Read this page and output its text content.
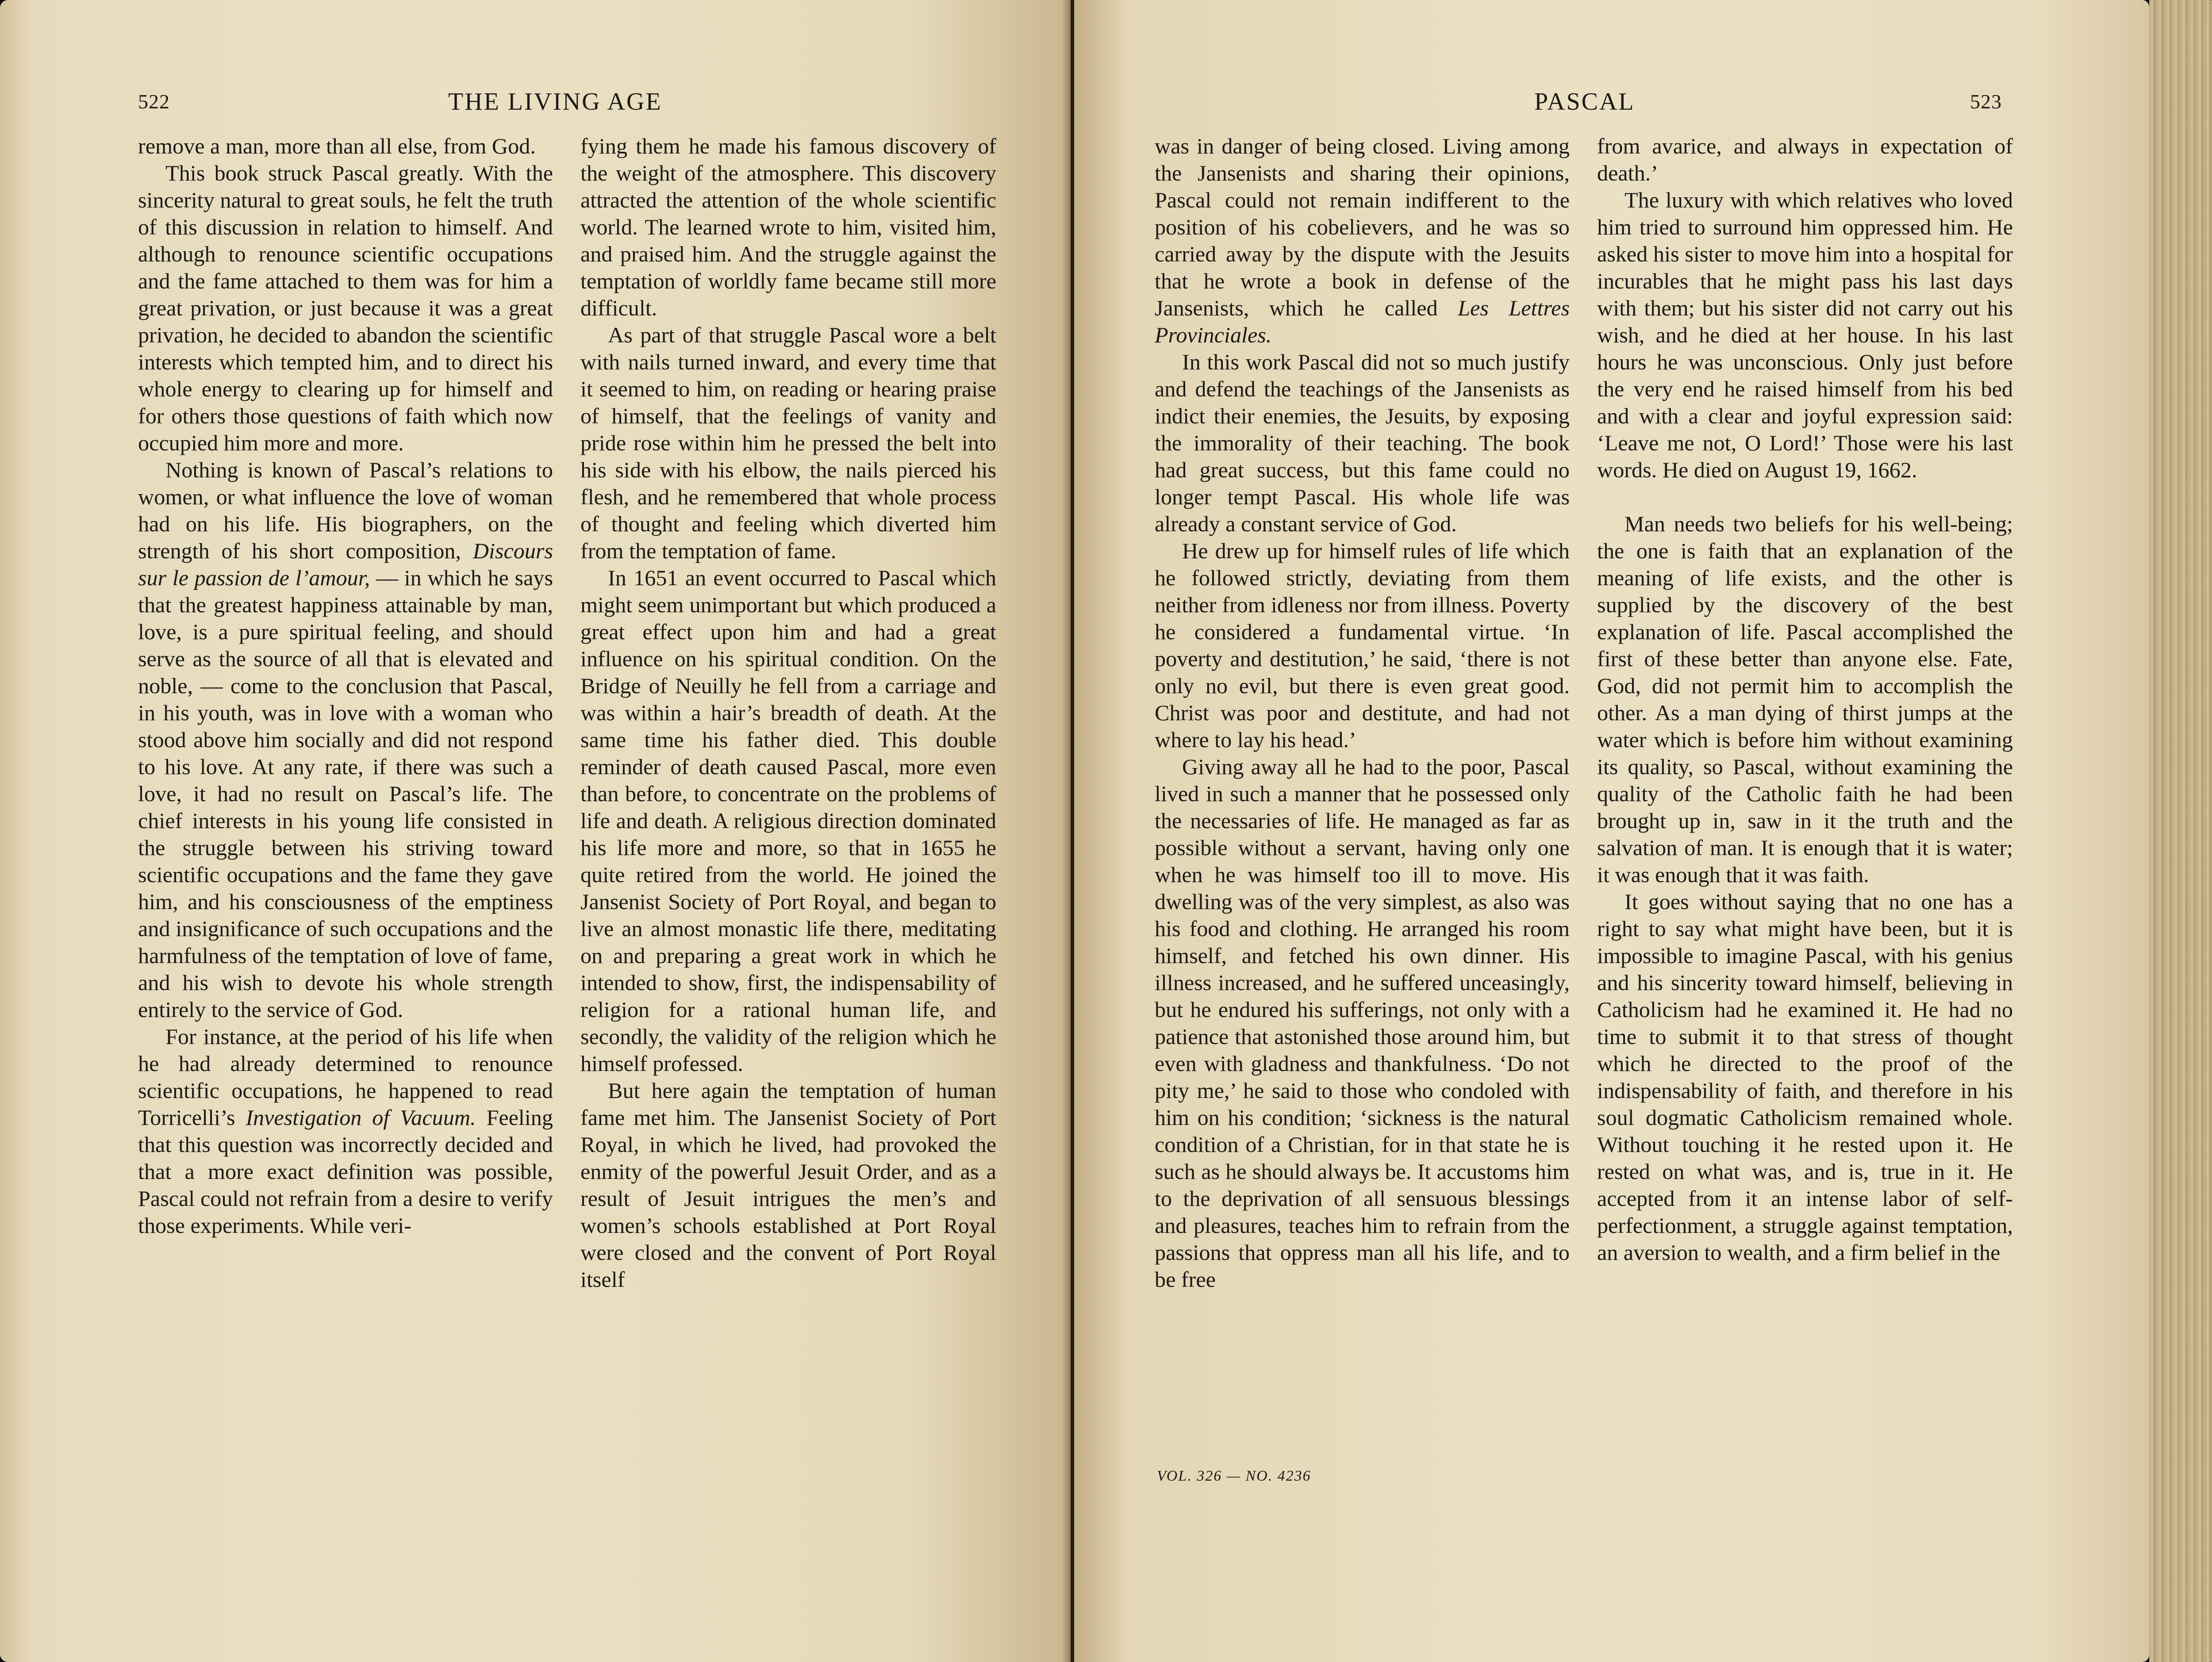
522	THE LIVING AGE

remove a man, more than all else, from God.

This book struck Pascal greatly. With the sincerity natural to great souls, he felt the truth of this discussion in relation to himself. And although to renounce scientific occupations and the fame attached to them was for him a great privation, or just because it was a great privation, he decided to abandon the scientific interests which tempted him, and to direct his whole energy to clearing up for himself and for others those questions of faith which now occupied him more and more.

Nothing is known of Pascal’s relations to women, or what influence the love of woman had on his life. His biographers, on the strength of his short composition, Discours sur le passion de l’amour, — in which he says that the greatest happiness attainable by man, love, is a pure spiritual feeling, and should serve as the source of all that is elevated and noble, — come to the conclusion that Pascal, in his youth, was in love with a woman who stood above him socially and did not respond to his love. At any rate, if there was such a love, it had no result on Pascal’s life. The chief interests in his young life consisted in the struggle between his striving toward scientific occupations and the fame they gave him, and his consciousness of the emptiness and insignificance of such occupations and the harmfulness of the temptation of love of fame, and his wish to devote his whole strength entirely to the service of God.

For instance, at the period of his life when he had already determined to renounce scientific occupations, he happened to read Torricelli’s Investigation of Vacuum. Feeling that this question was incorrectly decided and that a more exact definition was possible, Pascal could not refrain from a desire to verify those experiments. While veri-

fying them he made his famous discovery of the weight of the atmosphere. This discovery attracted the attention of the whole scientific world. The learned wrote to him, visited him, and praised him. And the struggle against the temptation of worldly fame became still more difficult.

As part of that struggle Pascal wore a belt with nails turned inward, and every time that it seemed to him, on reading or hearing praise of himself, that the feelings of vanity and pride rose within him he pressed the belt into his side with his elbow, the nails pierced his flesh, and he remembered that whole process of thought and feeling which diverted him from the temptation of fame.

In 1651 an event occurred to Pascal which might seem unimportant but which produced a great effect upon him and had a great influence on his spiritual condition. On the Bridge of Neuilly he fell from a carriage and was within a hair’s breadth of death. At the same time his father died. This double reminder of death caused Pascal, more even than before, to concentrate on the problems of life and death. A religious direction dominated his life more and more, so that in 1655 he quite retired from the world. He joined the Jansenist Society of Port Royal, and began to live an almost monastic life there, meditating on and preparing a great work in which he intended to show, first, the indispensability of religion for a rational human life, and secondly, the validity of the religion which he himself professed.

But here again the temptation of human fame met him. The Jansenist Society of Port Royal, in which he lived, had provoked the enmity of the powerful Jesuit Order, and as a result of Jesuit intrigues the men’s and women’s schools established at Port Royal were closed and the convent of Port Royal itself

PASCAL	523

was in danger of being closed. Living among the Jansenists and sharing their opinions, Pascal could not remain indifferent to the position of his cobelievers, and he was so carried away by the dispute with the Jesuits that he wrote a book in defense of the Jansenists, which he called Les Lettres Provinciales.

In this work Pascal did not so much justify and defend the teachings of the Jansenists as indict their enemies, the Jesuits, by exposing the immorality of their teaching. The book had great success, but this fame could no longer tempt Pascal. His whole life was already a constant service of God.

He drew up for himself rules of life which he followed strictly, deviating from them neither from idleness nor from illness. Poverty he considered a fundamental virtue. ‘In poverty and destitution,’ he said, ‘there is not only no evil, but there is even great good. Christ was poor and destitute, and had not where to lay his head.’

Giving away all he had to the poor, Pascal lived in such a manner that he possessed only the necessaries of life. He managed as far as possible without a servant, having only one when he was himself too ill to move. His dwelling was of the very simplest, as also was his food and clothing. He arranged his room himself, and fetched his own dinner. His illness increased, and he suffered unceasingly, but he endured his sufferings, not only with a patience that astonished those around him, but even with gladness and thankfulness. ‘Do not pity me,’ he said to those who condoled with him on his condition; ‘sickness is the natural condition of a Christian, for in that state he is such as he should always be. It accustoms him to the deprivation of all sensuous blessings and pleasures, teaches him to refrain from the passions that oppress man all his life, and to be free

from avarice, and always in expectation of death.’

The luxury with which relatives who loved him tried to surround him oppressed him. He asked his sister to move him into a hospital for incurables that he might pass his last days with them; but his sister did not carry out his wish, and he died at her house. In his last hours he was unconscious. Only just before the very end he raised himself from his bed and with a clear and joyful expression said: ‘Leave me not, O Lord!’ Those were his last words. He died on August 19, 1662.

Man needs two beliefs for his well-being; the one is faith that an explanation of the meaning of life exists, and the other is supplied by the discovery of the best explanation of life. Pascal accomplished the first of these better than anyone else. Fate, God, did not permit him to accomplish the other. As a man dying of thirst jumps at the water which is before him without examining its quality, so Pascal, without examining the quality of the Catholic faith he had been brought up in, saw in it the truth and the salvation of man. It is enough that it is water; it was enough that it was faith.

It goes without saying that no one has a right to say what might have been, but it is impossible to imagine Pascal, with his genius and his sincerity toward himself, believing in Catholicism had he examined it. He had no time to submit it to that stress of thought which he directed to the proof of the indispensability of faith, and therefore in his soul dogmatic Catholicism remained whole. Without touching it he rested upon it. He rested on what was, and is, true in it. He accepted from it an intense labor of self-perfectionment, a struggle against temptation, an aversion to wealth, and a firm belief in the

VOL. 326 — NO. 4236
